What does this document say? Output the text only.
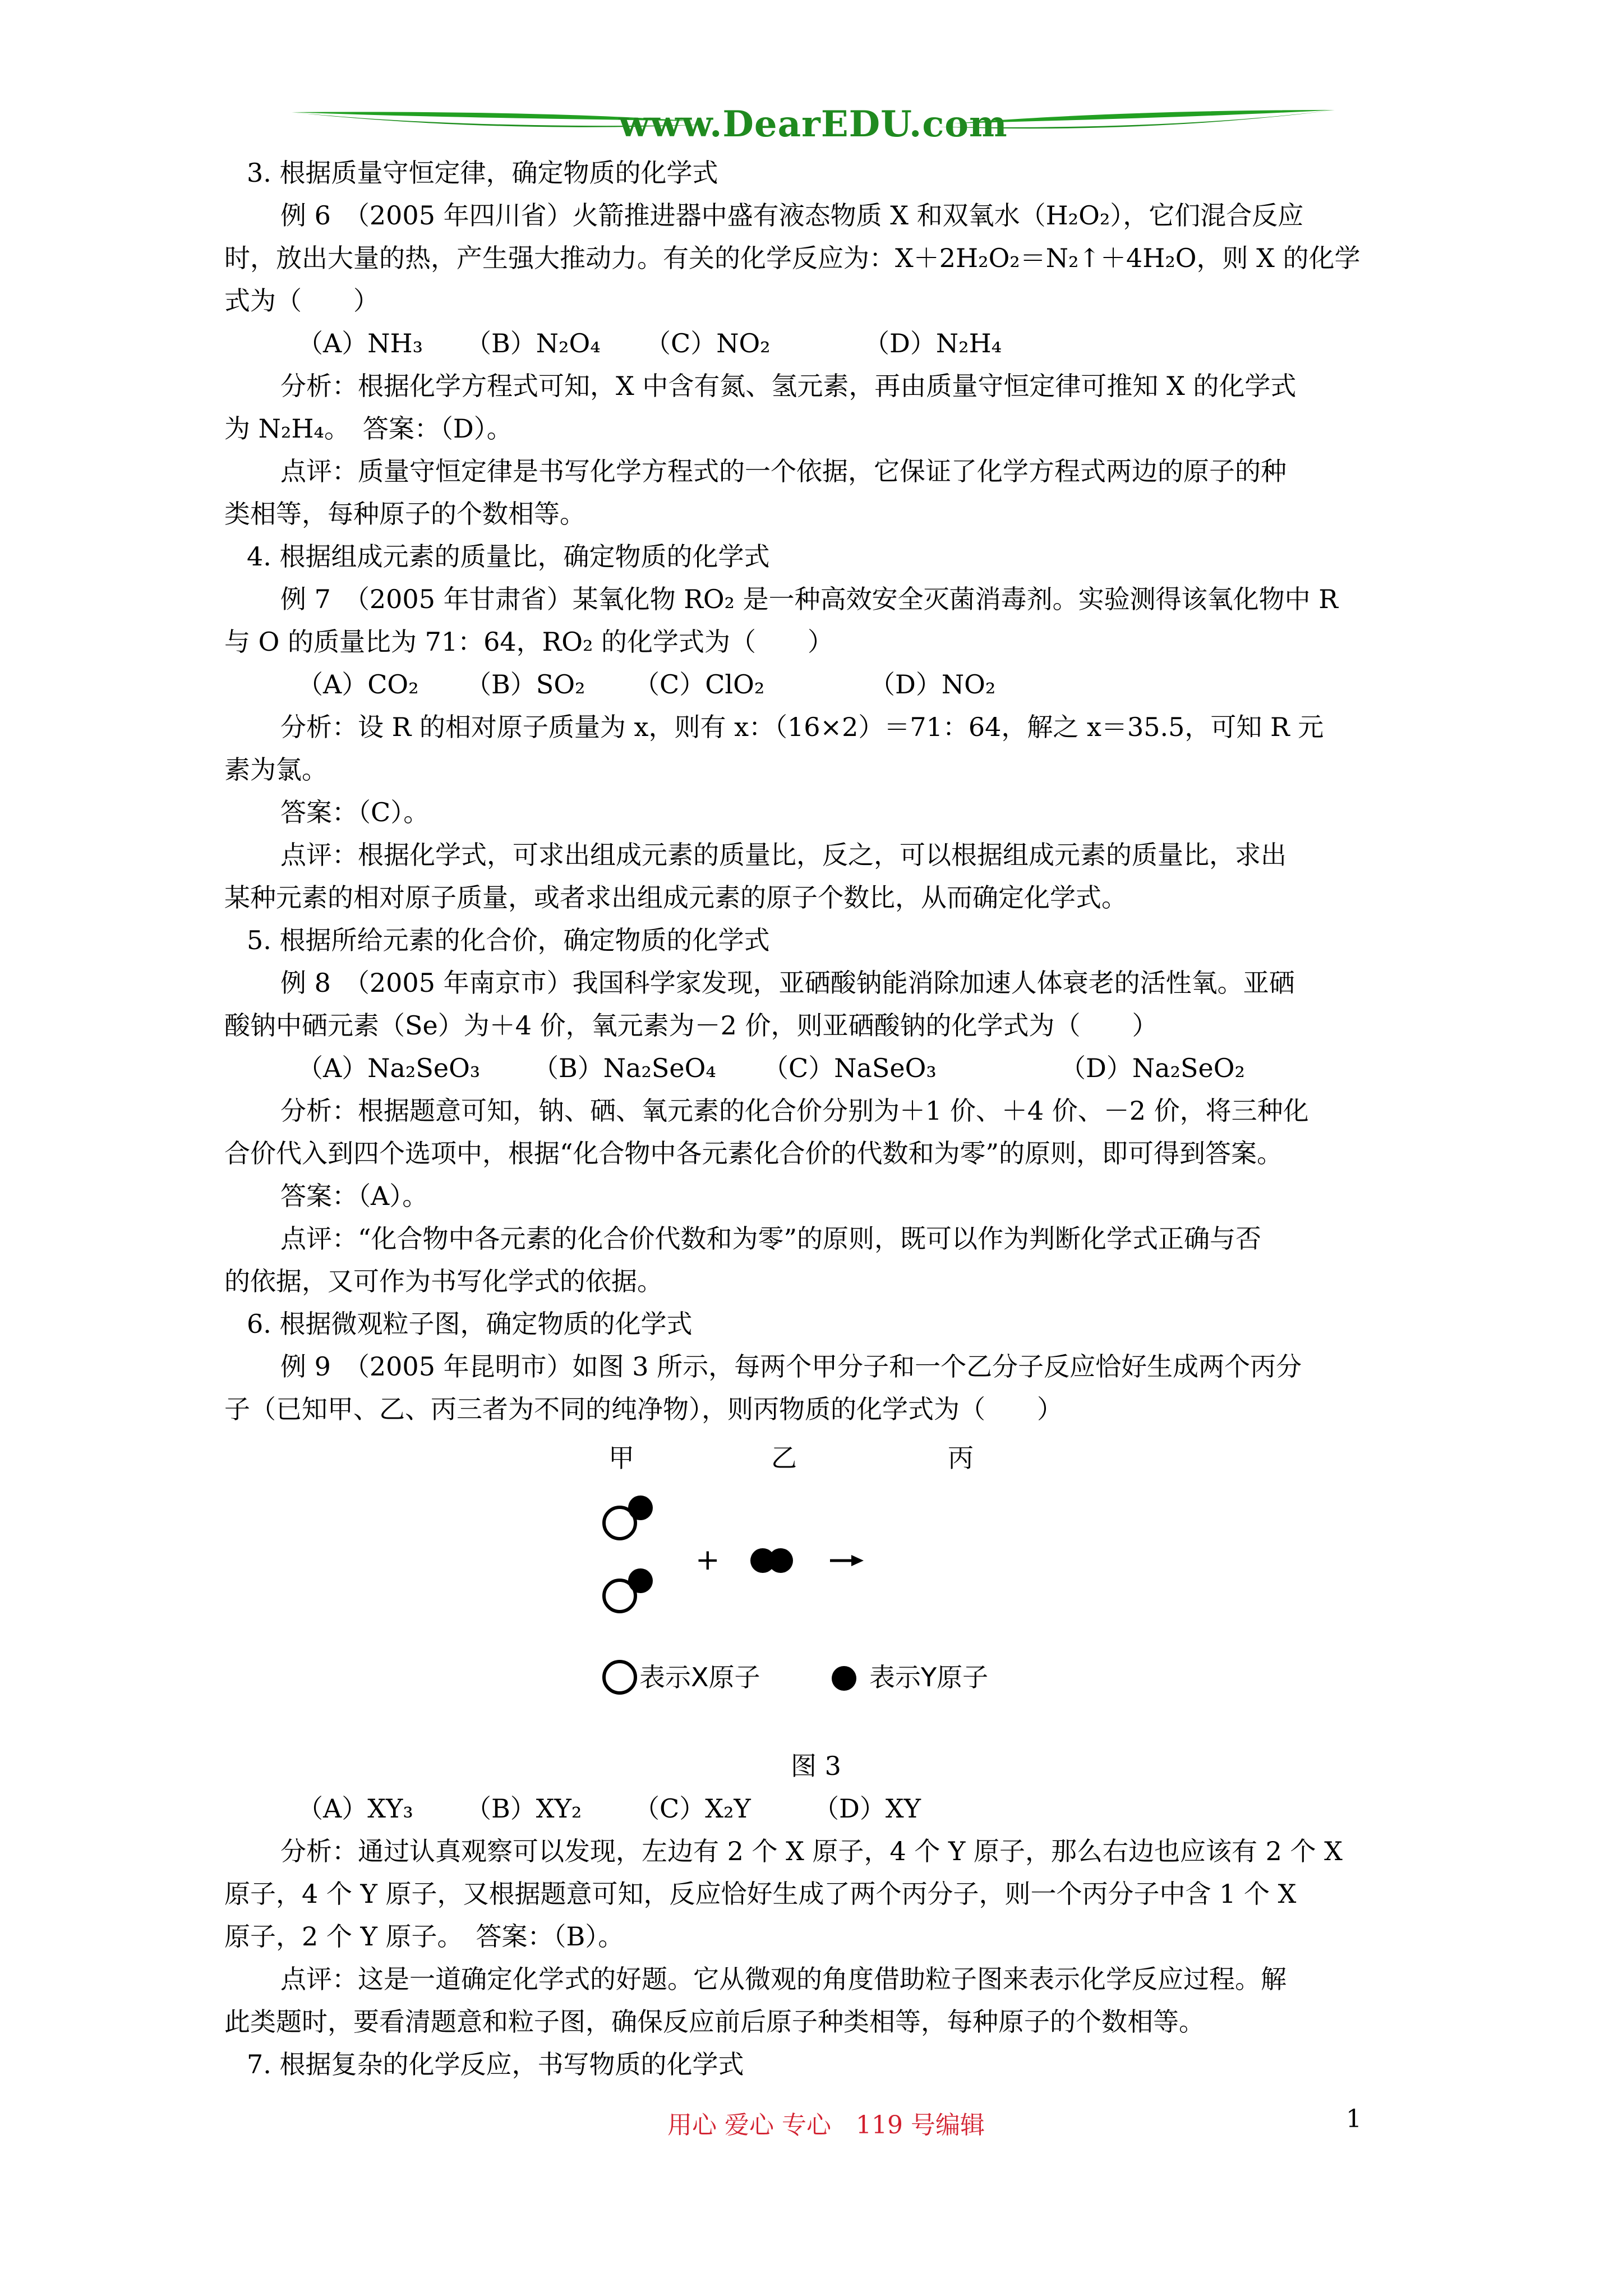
www.DearEDU.com
3. 根据质量守恒定律，确定物质的化学式
例 6　（2005 年四川省）火箭推进器中盛有液态物质 X 和双氧水（H₂O₂），它们混合反应
时，放出大量的热，产生强大推动力。有关的化学反应为：X＋2H₂O₂＝N₂↑＋4H₂O，则 X 的化学
式为（　　）
（A）NH₃ （B）N₂O₄ （C）NO₂	（D）N₂H₄
分析：根据化学方程式可知，X 中含有氮、氢元素，再由质量守恒定律可推知 X 的化学式
为 N₂H₄。　答案：（D）。
点评：质量守恒定律是书写化学方程式的一个依据，它保证了化学方程式两边的原子的种
类相等，每种原子的个数相等。
4. 根据组成元素的质量比，确定物质的化学式
例 7　（2005 年甘肃省）某氧化物 RO₂ 是一种高效安全灭菌消毒剂。实验测得该氧化物中 R
与 O 的质量比为 71：64，RO₂ 的化学式为（　　）
（A）CO₂ （B）SO₂ （C）ClO₂	（D）NO₂
分析：设 R 的相对原子质量为 x，则有 x：（16×2）＝71：64，解之 x＝35.5，可知 R 元
素为氯。
答案：（C）。
点评：根据化学式，可求出组成元素的质量比，反之，可以根据组成元素的质量比，求出
某种元素的相对原子质量，或者求出组成元素的原子个数比，从而确定化学式。
5. 根据所给元素的化合价，确定物质的化学式
例 8　（2005 年南京市）我国科学家发现，亚硒酸钠能消除加速人体衰老的活性氧。亚硒
酸钠中硒元素（Se）为＋4 价，氧元素为－2 价，则亚硒酸钠的化学式为（　　）
（A）Na₂SeO₃ （B）Na₂SeO₄ （C）NaSeO₃	（D）Na₂SeO₂
分析：根据题意可知，钠、硒、氧元素的化合价分别为＋1 价、＋4 价、－2 价，将三种化
合价代入到四个选项中，根据“化合物中各元素化合价的代数和为零”的原则，即可得到答案。
答案：（A）。
点评：“化合物中各元素的化合价代数和为零”的原则，既可以作为判断化学式正确与否
的依据，又可作为书写化学式的依据。
6. 根据微观粒子图，确定物质的化学式
例 9　（2005 年昆明市）如图 3 所示，每两个甲分子和一个乙分子反应恰好生成两个丙分
子（已知甲、乙、丙三者为不同的纯净物），则丙物质的化学式为（　　）
甲	乙	丙
+
表示X原子	表示Y原子
图 3
（A）XY₃ （B）XY₂ （C）X₂Y （D）XY
分析：通过认真观察可以发现，左边有 2 个 X 原子，4 个 Y 原子，那么右边也应该有 2 个 X
原子，4 个 Y 原子，又根据题意可知，反应恰好生成了两个丙分子，则一个丙分子中含 1 个 X
原子，2 个 Y 原子。　答案：（B）。
点评：这是一道确定化学式的好题。它从微观的角度借助粒子图来表示化学反应过程。解
此类题时，要看清题意和粒子图，确保反应前后原子种类相等，每种原子的个数相等。
7. 根据复杂的化学反应，书写物质的化学式
用心 爱心 专心　119 号编辑	1
